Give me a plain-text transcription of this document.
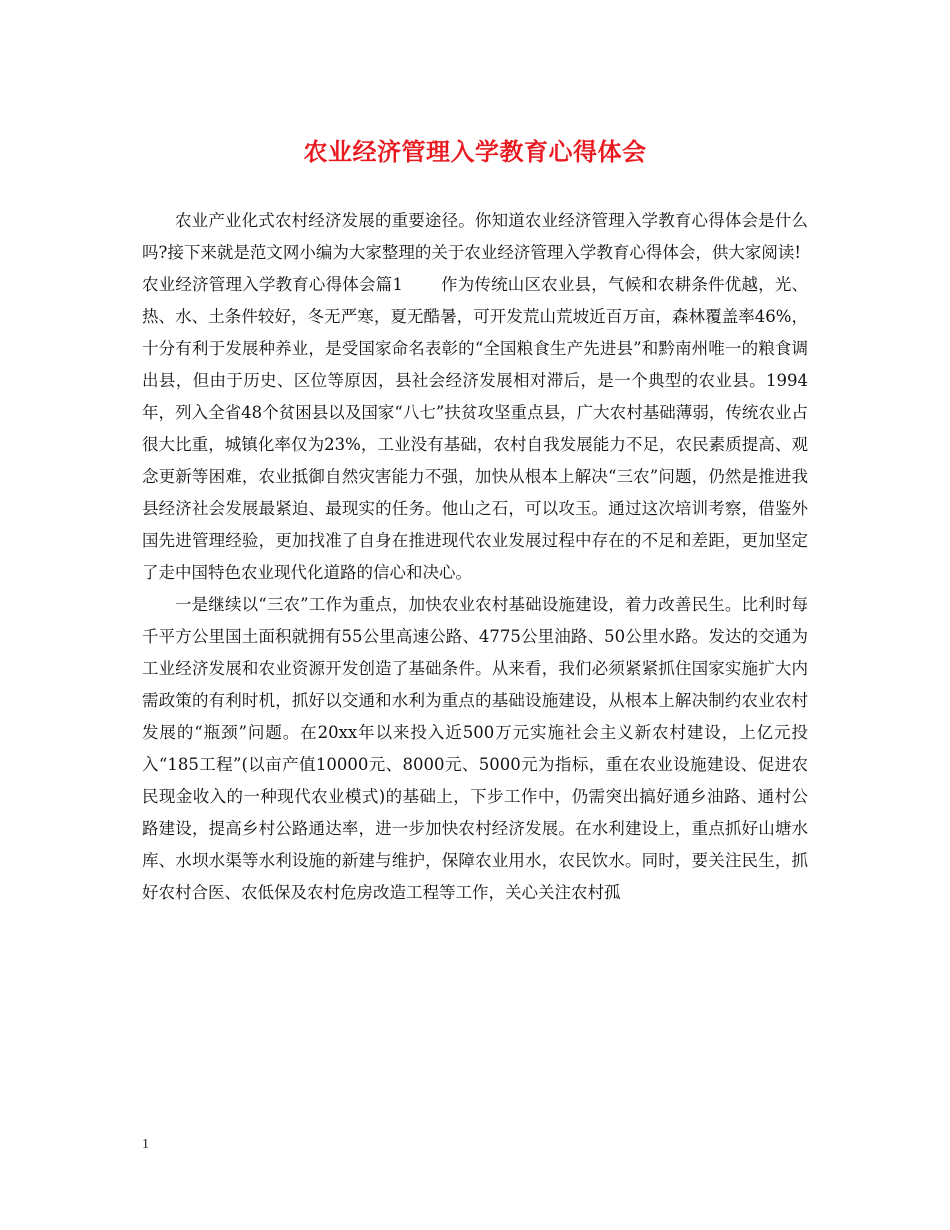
农业经济管理入学教育心得体会

农业产业化式农村经济发展的重要途径。你知道农业经济管理入学教育心得体会是什么吗?接下来就是范文网小编为大家整理的关于农业经济管理入学教育心得体会，供大家阅读!

农业经济管理入学教育心得体会篇1 作为传统山区农业县，气候和农耕条件优越，光、热、水、土条件较好，冬无严寒，夏无酷暑，可开发荒山荒坡近百万亩，森林覆盖率46%，十分有利于发展种养业，是受国家命名表彰的“全国粮食生产先进县”和黔南州唯一的粮食调出县，但由于历史、区位等原因，县社会经济发展相对滞后，是一个典型的农业县。1994年，列入全省48个贫困县以及国家“八七”扶贫攻坚重点县，广大农村基础薄弱，传统农业占很大比重，城镇化率仅为23%，工业没有基础，农村自我发展能力不足，农民素质提高、观念更新等困难，农业抵御自然灾害能力不强，加快从根本上解决“三农”问题，仍然是推进我县经济社会发展最紧迫、最现实的任务。他山之石，可以攻玉。通过这次培训考察，借鉴外国先进管理经验，更加找准了自身在推进现代农业发展过程中存在的不足和差距，更加坚定了走中国特色农业现代化道路的信心和决心。

一是继续以“三农”工作为重点，加快农业农村基础设施建设，着力改善民生。比利时每千平方公里国土面积就拥有55公里高速公路、4775公里油路、50公里水路。发达的交通为工业经济发展和农业资源开发创造了基础条件。从来看，我们必须紧紧抓住国家实施扩大内需政策的有利时机，抓好以交通和水利为重点的基础设施建设，从根本上解决制约农业农村发展的“瓶颈”问题。在20xx年以来投入近500万元实施社会主义新农村建设，上亿元投入“185工程”(以亩产值10000元、8000元、5000元为指标，重在农业设施建设、促进农民现金收入的一种现代农业模式)的基础上，下步工作中，仍需突出搞好通乡油路、通村公路建设，提高乡村公路通达率，进一步加快农村经济发展。在水利建设上，重点抓好山塘水库、水坝水渠等水利设施的新建与维护，保障农业用水，农民饮水。同时，要关注民生，抓好农村合医、农低保及农村危房改造工程等工作，关心关注农村孤

1
